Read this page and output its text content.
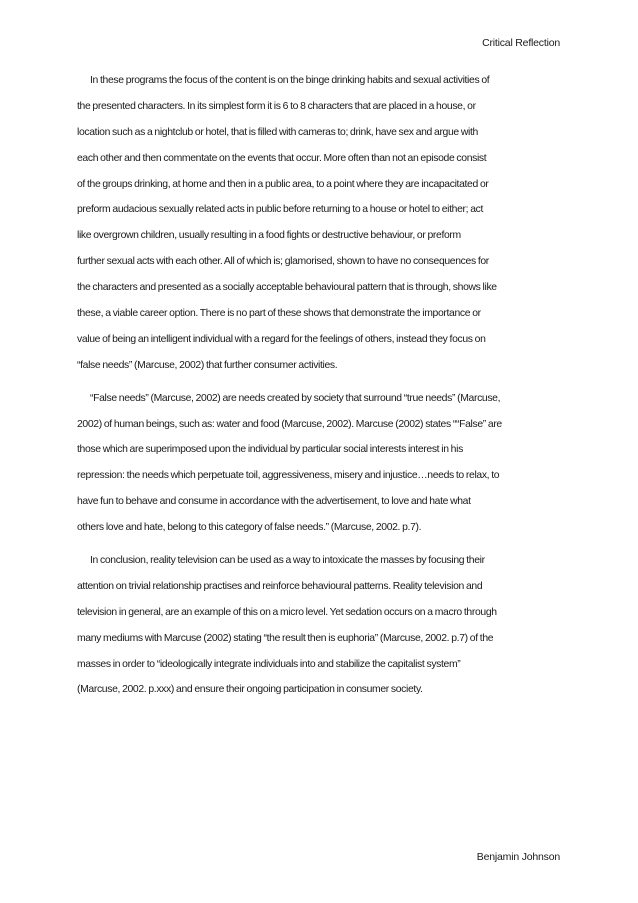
Critical Reflection
In these programs the focus of the content is on the binge drinking habits and sexual activities of
the presented characters. In its simplest form it is 6 to 8 characters that are placed in a house, or
location such as a nightclub or hotel, that is filled with cameras to; drink, have sex and argue with
each other and then commentate on the events that occur. More often than not an episode consist
of the groups drinking, at home and then in a public area, to a point where they are incapacitated or
preform audacious sexually related acts in public before returning to a house or hotel to either; act
like overgrown children, usually resulting in a food fights or destructive behaviour, or preform
further sexual acts with each other. All of which is; glamorised, shown to have no consequences for
the characters and presented as a socially acceptable behavioural pattern that is through, shows like
these, a viable career option. There is no part of these shows that demonstrate the importance or
value of being an intelligent individual with a regard for the feelings of others, instead they focus on
“false needs” (Marcuse, 2002) that further consumer activities.
“False needs” (Marcuse, 2002) are needs created by society that surround “true needs” (Marcuse,
2002) of human beings, such as: water and food (Marcuse, 2002). Marcuse (2002) states ““False” are
those which are superimposed upon the individual by particular social interests interest in his
repression: the needs which perpetuate toil, aggressiveness, misery and injustice…needs to relax, to
have fun to behave and consume in accordance with the advertisement, to love and hate what
others love and hate, belong to this category of false needs.” (Marcuse, 2002. p.7).
In conclusion, reality television can be used as a way to intoxicate the masses by focusing their
attention on trivial relationship practises and reinforce behavioural patterns. Reality television and
television in general, are an example of this on a micro level. Yet sedation occurs on a macro through
many mediums with Marcuse (2002) stating “the result then is euphoria” (Marcuse, 2002. p.7) of the
masses in order to “ideologically integrate individuals into and stabilize the capitalist system”
(Marcuse, 2002. p.xxx) and ensure their ongoing participation in consumer society.
Benjamin Johnson
